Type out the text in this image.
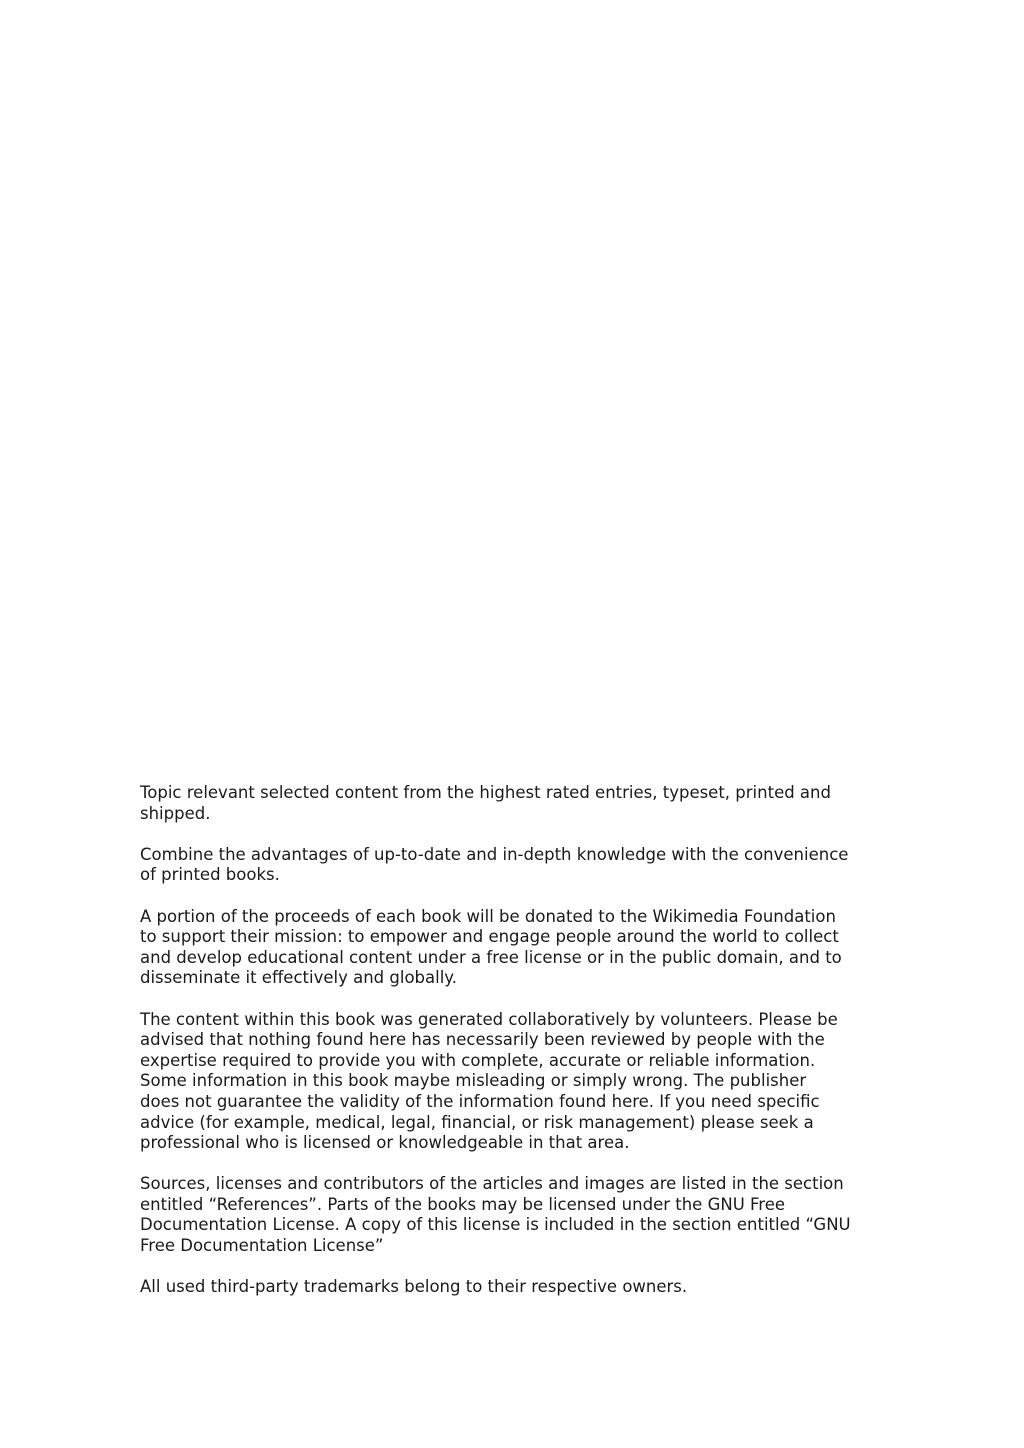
Topic relevant selected content from the highest rated entries, typeset, printed and
shipped.

Combine the advantages of up-to-date and in-depth knowledge with the convenience
of printed books.

A portion of the proceeds of each book will be donated to the Wikimedia Foundation
to support their mission: to empower and engage people around the world to collect
and develop educational content under a free license or in the public domain, and to
disseminate it effectively and globally.

The content within this book was generated collaboratively by volunteers. Please be
advised that nothing found here has necessarily been reviewed by people with the
expertise required to provide you with complete, accurate or reliable information.
Some information in this book maybe misleading or simply wrong. The publisher
does not guarantee the validity of the information found here. If you need specific
advice (for example, medical, legal, financial, or risk management) please seek a
professional who is licensed or knowledgeable in that area.

Sources, licenses and contributors of the articles and images are listed in the section
entitled “References”. Parts of the books may be licensed under the GNU Free
Documentation License. A copy of this license is included in the section entitled “GNU
Free Documentation License”

All used third-party trademarks belong to their respective owners.
